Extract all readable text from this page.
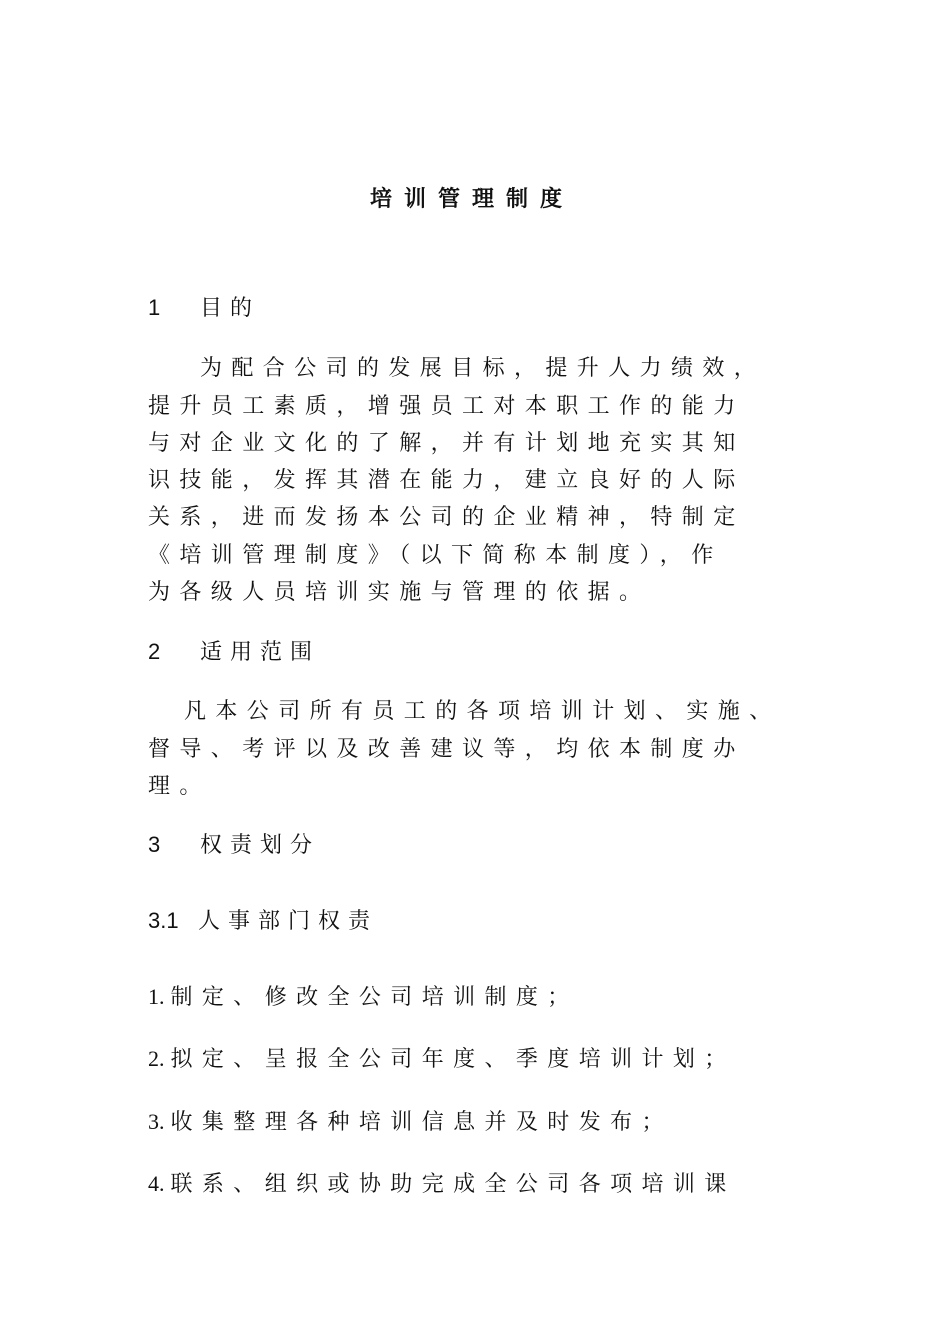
培训管理制度
1 目的
为配合公司的发展目标，提升人力绩效，
提升员工素质，增强员工对本职工作的能力
与对企业文化的了解，并有计划地充实其知
识技能，发挥其潜在能力，建立良好的人际
关系，进而发扬本公司的企业精神，特制定
《培训管理制度》（以下简称本制度），作
为各级人员培训实施与管理的依据。
2 适用范围
凡本公司所有员工的各项培训计划、实施、
督导、考评以及改善建议等，均依本制度办
理。
3 权责划分
3.1 人事部门权责
1. 制定、修改全公司培训制度；
2. 拟定、呈报全公司年度、季度培训计划；
3. 收集整理各种培训信息并及时发布；
4. 联系、组织或协助完成全公司各项培训课
